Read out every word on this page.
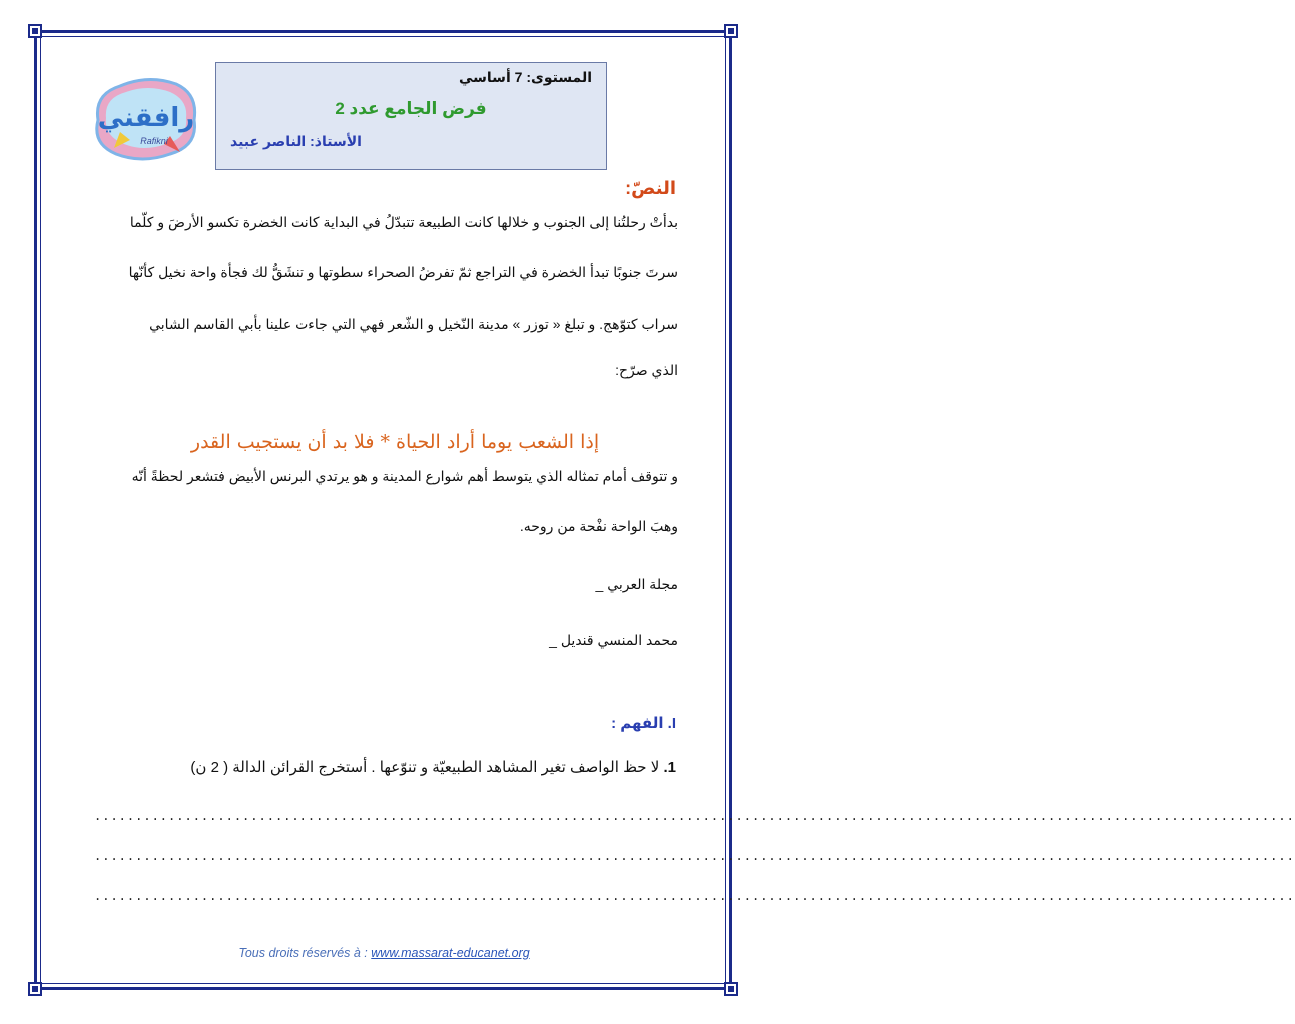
المستوى: 7 أساسي
فرض الجامع عدد 2
الأستاذ: الناصر عبيد
رافقني
Rafikni
النصّ:
بدأتْ رحلتُنا إلى الجنوب و خلالها كانت الطبيعة تتبدّلُ في البداية كانت الخضرة تكسو الأرضَ و كلّما
سرتَ جنوبًا تبدأ الخضرة في التراجع ثمّ تفرضُ الصحراء سطوتها و تنشَقُّ لك فجأة واحة نخيل كأنّها
سراب كتوّهج. و تبلغ « توزر » مدينة النّخيل و الشّعر فهي التي جاءت علينا بأبي القاسم الشابي
الذي صرّح:
إذا الشعب يوما أراد الحياة * فلا بد أن يستجيب القدر
و تتوقف أمام تمثاله الذي يتوسط أهم شوارع المدينة و هو يرتدي البرنس الأبيض فتشعر لحظةً أنّه
وهبَ الواحة نفْحة من روحه.
مجلة العربي _
محمد المنسي قنديل _
I. الفهم :
1. لا حظ الواصف تغير المشاهد الطبيعيّة و تنوّعها . أستخرج القرائن الدالة ( 2 ن)
..................................................................................................................................................
..................................................................................................................................................
..................................................................................................................................................
Tous droits réservés à : www.massarat-educanet.org
